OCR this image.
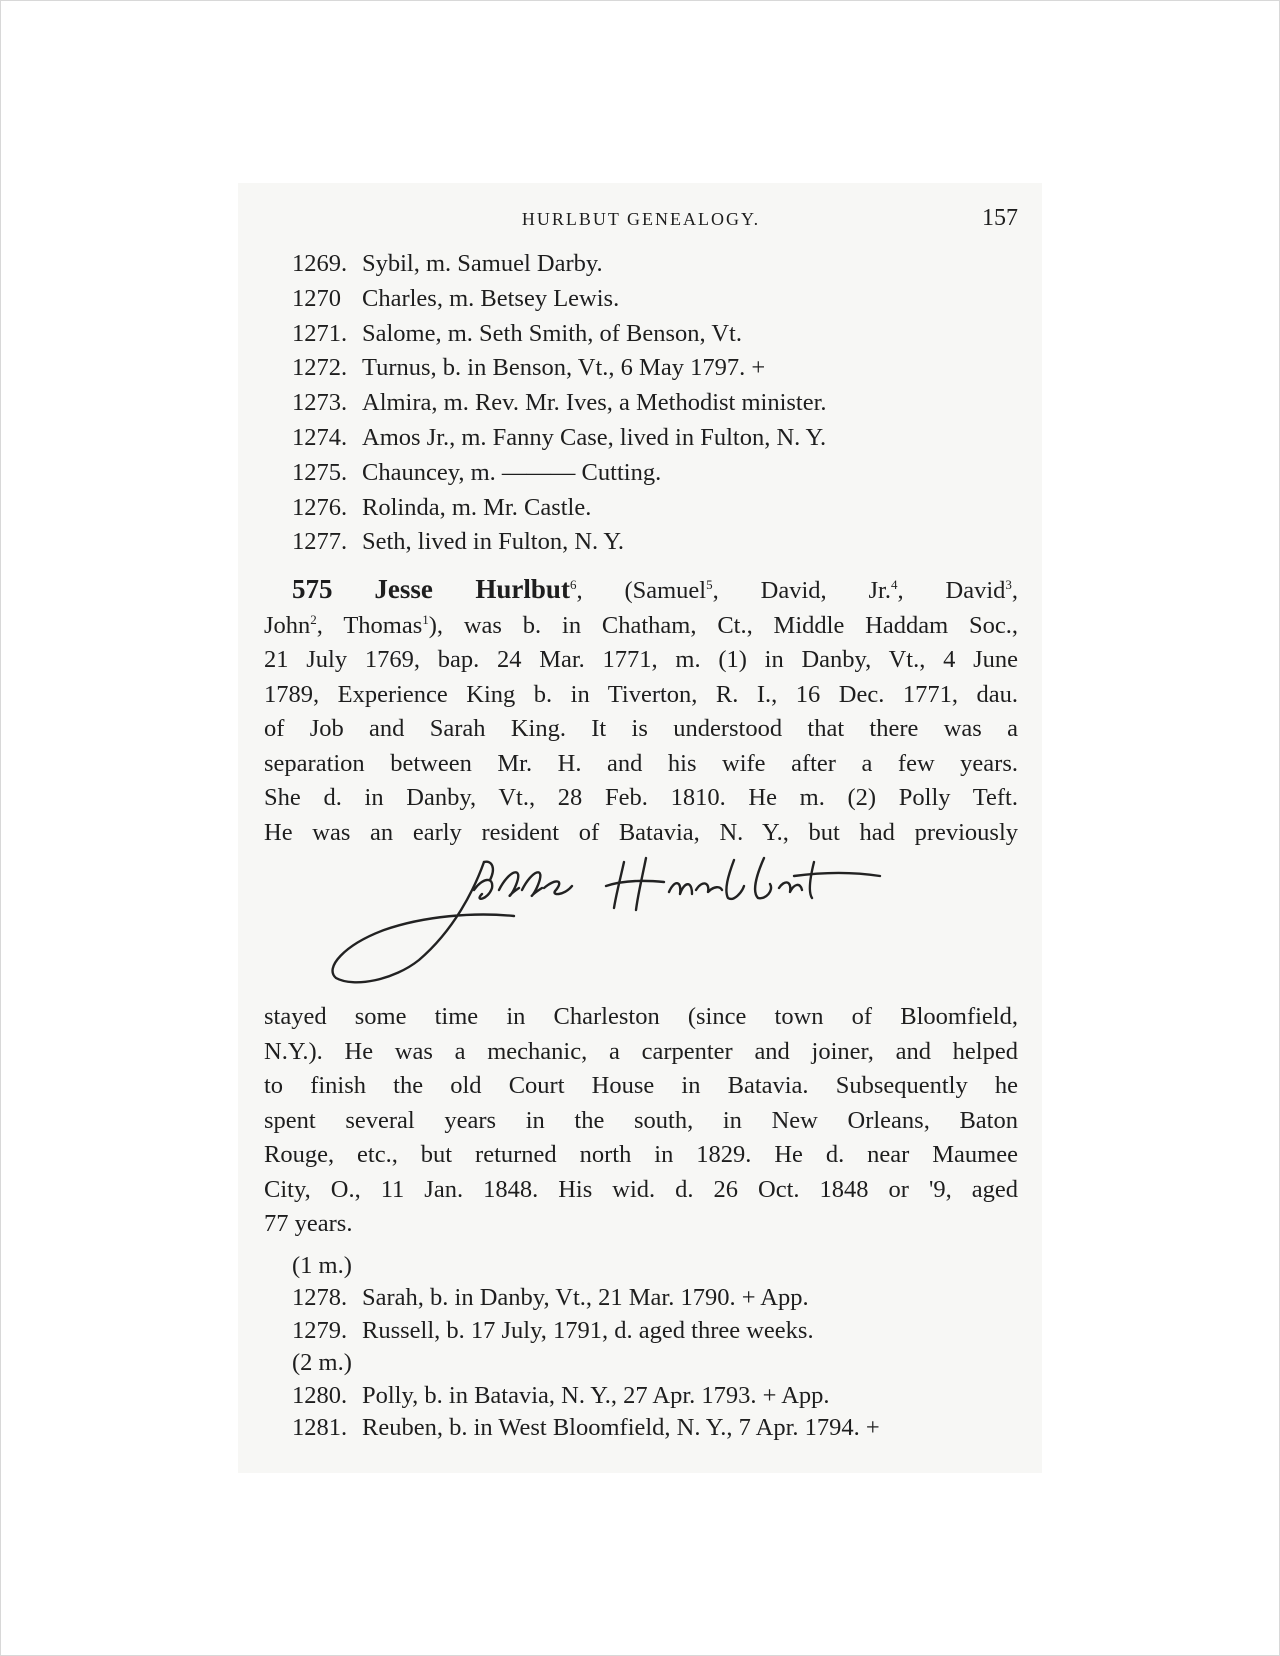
HURLBUT GENEALOGY.	157
1269. Sybil, m. Samuel Darby.
1270 Charles, m. Betsey Lewis.
1271. Salome, m. Seth Smith, of Benson, Vt.
1272. Turnus, b. in Benson, Vt., 6 May 1797. +
1273. Almira, m. Rev. Mr. Ives, a Methodist minister.
1274. Amos Jr., m. Fanny Case, lived in Fulton, N. Y.
1275. Chauncey, m. ——— Cutting.
1276. Rolinda, m. Mr. Castle.
1277. Seth, lived in Fulton, N. Y.
575 Jesse Hurlbut$^6$, (Samuel$^5$, David, Jr.$^4$, David$^3$,
John$^2$, Thomas$^1$), was b. in Chatham, Ct., Middle Haddam Soc.,
21 July 1769, bap. 24 Mar. 1771, m. (1) in Danby, Vt., 4 June
1789, Experience King b. in Tiverton, R. I., 16 Dec. 1771, dau.
of Job and Sarah King. It is understood that there was a
separation between Mr. H. and his wife after a few years.
She d. in Danby, Vt., 28 Feb. 1810. He m. (2) Polly Teft.
He was an early resident of Batavia, N. Y., but had previously
stayed some time in Charleston (since town of Bloomfield,
N.Y.). He was a mechanic, a carpenter and joiner, and helped
to finish the old Court House in Batavia. Subsequently he
spent several years in the south, in New Orleans, Baton
Rouge, etc., but returned north in 1829. He d. near Maumee
City, O., 11 Jan. 1848. His wid. d. 26 Oct. 1848 or '9, aged
77 years.
(1 m.)
1278. Sarah, b. in Danby, Vt., 21 Mar. 1790. + App.
1279. Russell, b. 17 July, 1791, d. aged three weeks.
(2 m.)
1280. Polly, b. in Batavia, N. Y., 27 Apr. 1793. + App.
1281. Reuben, b. in West Bloomfield, N. Y., 7 Apr. 1794. +
